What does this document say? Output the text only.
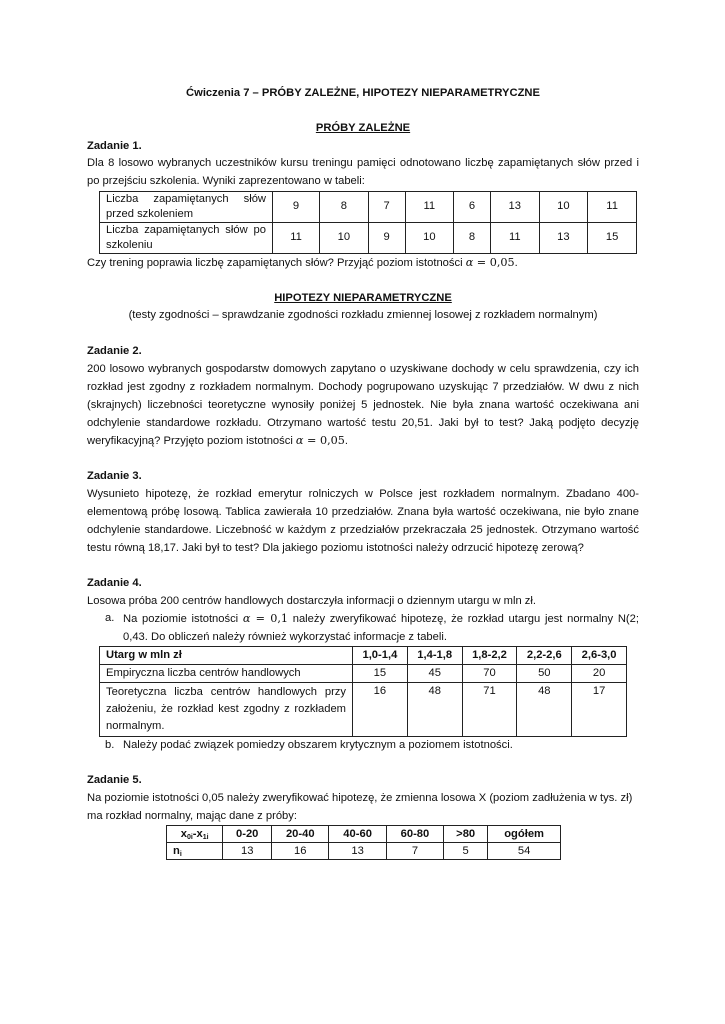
Ćwiczenia 7 – PRÓBY ZALEŻNE, HIPOTEZY NIEPARAMETRYCZNE

PRÓBY ZALEŻNE

Zadanie 1.

Dla 8 losowo wybranych uczestników kursu treningu pamięci odnotowano liczbę zapamiętanych słów przed i po przejściu szkolenia. Wyniki zaprezentowano w tabeli:

Liczba zapamiętanych słów przed szkoleniem	9	8	7	11	6	13	10	11
Liczba zapamiętanych słów po szkoleniu	11	10	9	10	8	11	13	15

Czy trening poprawia liczbę zapamiętanych słów? Przyjąć poziom istotności α = 0,05.

HIPOTEZY NIEPARAMETRYCZNE

(testy zgodności – sprawdzanie zgodności rozkładu zmiennej losowej z rozkładem normalnym)

Zadanie 2.

200 losowo wybranych gospodarstw domowych zapytano o uzyskiwane dochody w celu sprawdzenia, czy ich rozkład jest zgodny z rozkładem normalnym. Dochody pogrupowano uzyskując 7 przedziałów. W dwu z nich (skrajnych) liczebności teoretyczne wynosiły poniżej 5 jednostek. Nie była znana wartość oczekiwana ani odchylenie standardowe rozkładu. Otrzymano wartość testu 20,51. Jaki był to test? Jaką podjęto decyzję weryfikacyjną? Przyjęto poziom istotności α = 0,05.

Zadanie 3.

Wysunieto hipotezę, że rozkład emerytur rolniczych w Polsce jest rozkładem normalnym. Zbadano 400-elementową próbę losową. Tablica zawierała 10 przedziałów. Znana była wartość oczekiwana, nie było znane odchylenie standardowe. Liczebność w każdym z przedziałów przekraczała 25 jednostek. Otrzymano wartość testu równą 18,17. Jaki był to test? Dla jakiego poziomu istotności należy odrzucić hipotezę zerową?

Zadanie 4.

Losowa próba 200 centrów handlowych dostarczyła informacji o dziennym utargu w mln zł.

a. Na poziomie istotności α = 0,1 należy zweryfikować hipotezę, że rozkład utargu jest normalny N(2; 0,43. Do obliczeń należy również wykorzystać informacje z tabeli.

Utarg w mln zł	1,0-1,4	1,4-1,8	1,8-2,2	2,2-2,6	2,6-3,0
Empiryczna liczba centrów handlowych	15	45	70	50	20
Teoretyczna liczba centrów handlowych przy założeniu, że rozkład kest zgodny z rozkładem normalnym.	16	48	71	48	17

b. Należy podać związek pomiedzy obszarem krytycznym a poziomem istotności.

Zadanie 5.

Na poziomie istotności 0,05 należy zweryfikować hipotezę, że zmienna losowa X (poziom zadłużenia w tys. zł) ma rozkład normalny, mając dane z próby:

$x_{0i}-x_{1i}$	0-20	20-40	40-60	60-80	>80	ogółem
$n_i$	13	16	13	7	5	54
